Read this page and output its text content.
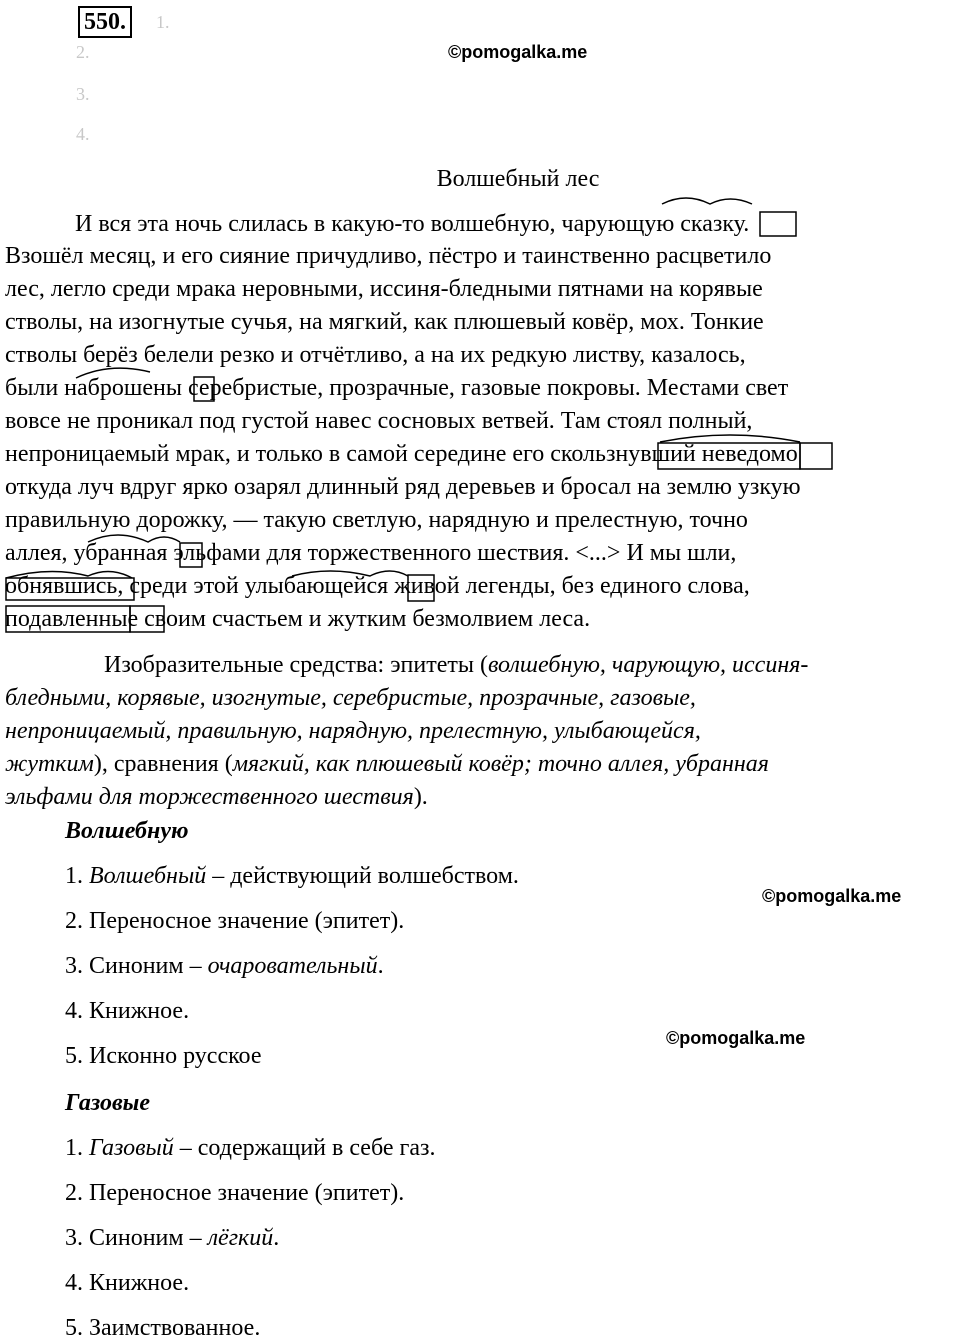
550.	1.
2.
3.
4.
©pomogalka.me
©pomogalka.me
©pomogalka.me
Волшебный лес
И вся эта ночь слилась в какую-то волшебную, чарующую сказку.
Взошёл месяц, и его сияние причудливо, пёстро и таинственно расцветило
лес, легло среди мрака неровными, иссиня-бледными пятнами на корявые
стволы, на изогнутые сучья, на мягкий, как плюшевый ковёр, мох. Тонкие
стволы берёз белели резко и отчётливо, а на их редкую листву, казалось,
были наброшены серебристые, прозрачные, газовые покровы. Местами свет
вовсе не проникал под густой навес сосновых ветвей. Там стоял полный,
непроницаемый мрак, и только в самой середине его скользнувший неведомо
откуда луч вдруг ярко озарял длинный ряд деревьев и бросал на землю узкую
правильную дорожку, — такую светлую, нарядную и прелестную, точно
аллея, убранная эльфами для торжественного шествия. <...> И мы шли,
обнявшись, среди этой улыбающейся живой легенды, без единого слова,
подавленные своим счастьем и жутким безмолвием леса.
Изобразительные средства: эпитеты (волшебную, чарующую, иссиня-
бледными, корявые, изогнутые, серебристые, прозрачные, газовые,
непроницаемый, правильную, нарядную, прелестную, улыбающейся,
жутким), сравнения (мягкий, как плюшевый ковёр; точно аллея, убранная
эльфами для торжественного шествия).
Волшебную
1. Волшебный – действующий волшебством.
2. Переносное значение (эпитет).
3. Синоним – очаровательный.
4. Книжное.
5. Исконно русское
Газовые
1. Газовый – содержащий в себе газ.
2. Переносное значение (эпитет).
3. Синоним – лёгкий.
4. Книжное.
5. Заимствованное.
